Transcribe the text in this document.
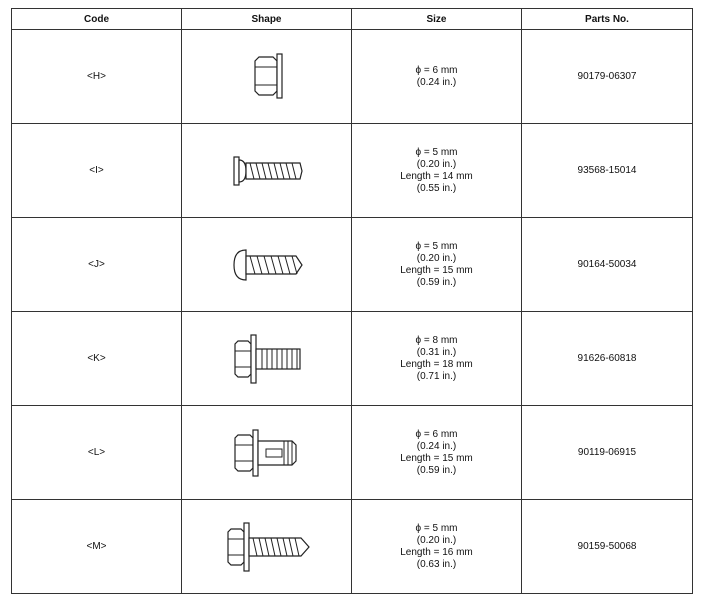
Code	Shape	Size	Parts No.
<H>		ϕ = 6 mm
(0.24 in.)	90179-06307
<I>		ϕ = 5 mm
(0.20 in.)
Length = 14 mm
(0.55 in.)	93568-15014
<J>		ϕ = 5 mm
(0.20 in.)
Length = 15 mm
(0.59 in.)	90164-50034
<K>		ϕ = 8 mm
(0.31 in.)
Length = 18 mm
(0.71 in.)	91626-60818
<L>		ϕ = 6 mm
(0.24 in.)
Length = 15 mm
(0.59 in.)	90119-06915
<M>		ϕ = 5 mm
(0.20 in.)
Length = 16 mm
(0.63 in.)	90159-50068
